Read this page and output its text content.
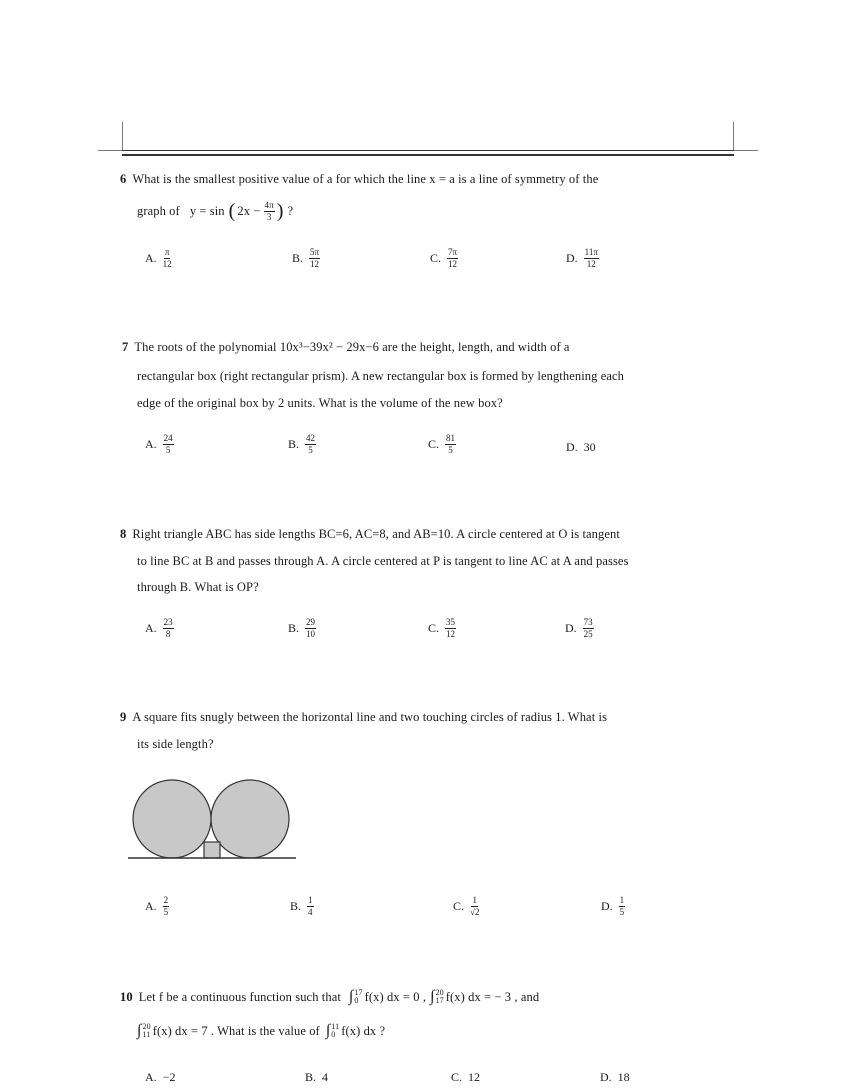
6 What is the smallest positive value of a for which the line x = a is a line of symmetry of the
graph of y = sin ( $2x - \frac{4\pi}{3}$ ) ?
A. $\frac{\pi}{12}$	B. $\frac{5\pi}{12}$	C. $\frac{7\pi}{12}$	D. $\frac{11\pi}{12}$
7 The roots of the polynomial 10x³−39x² − 29x−6 are the height, length, and width of a
rectangular box (right rectangular prism). A new rectangular box is formed by lengthening each
edge of the original box by 2 units. What is the volume of the new box?
A. $\frac{24}{5}$	B. $\frac{42}{5}$	C. $\frac{81}{5}$	D. 30
8 Right triangle ABC has side lengths BC=6, AC=8, and AB=10. A circle centered at O is tangent
to line BC at B and passes through A. A circle centered at P is tangent to line AC at A and passes
through B. What is OP?
A. $\frac{23}{8}$	B. $\frac{29}{10}$	C. $\frac{35}{12}$	D. $\frac{73}{25}$
9 A square fits snugly between the horizontal line and two touching circles of radius 1. What is
its side length?
A. $\frac{2}{5}$	B. $\frac{1}{4}$	C. $\frac{1}{√2}$	D. $\frac{1}{5}$
10 Let f be a continuous function such that ∫ 17
0 f(x) dx = 0 , ∫ 20
17 f(x) dx = − 3 , and
∫ 20
11 f(x) dx = 7 . What is the value of ∫ 11
0 f(x) dx ?
A. −2	B. 4	C. 12	D. 18
